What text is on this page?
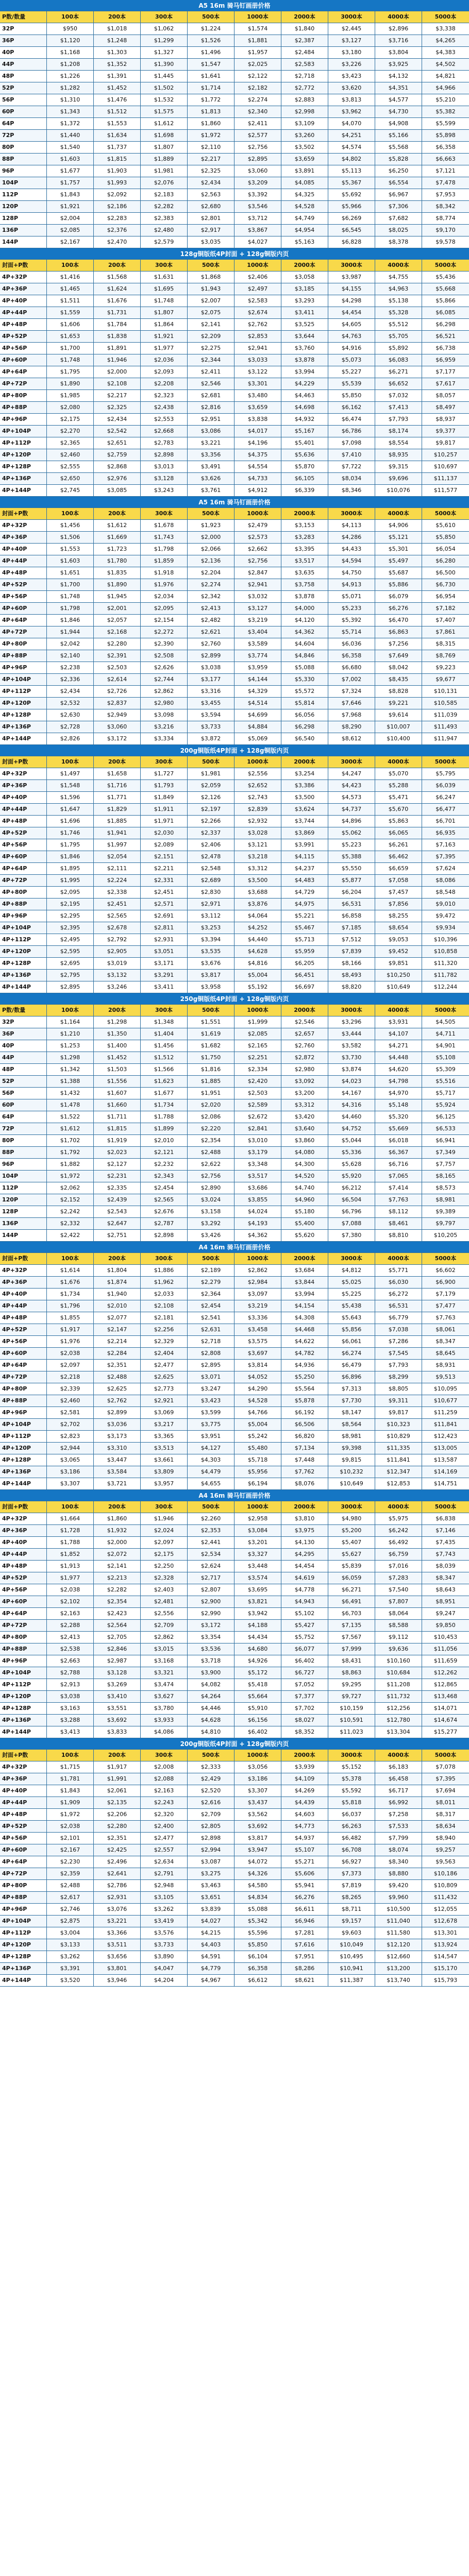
A5 16m 骑马钉画册价格
P数/数量	100本	200本	300本	500本	1000本	2000本	3000本	4000本	5000本
32P	$950	$1,018	$1,062	$1,224	$1,574	$1,840	$2,445	$2,896	$3,338
36P	$1,120	$1,248	$1,299	$1,526	$1,881	$2,387	$3,127	$3,716	$4,265
40P	$1,168	$1,303	$1,327	$1,496	$1,957	$2,484	$3,180	$3,804	$4,383
44P	$1,208	$1,352	$1,390	$1,547	$2,025	$2,583	$3,226	$3,925	$4,502
48P	$1,226	$1,391	$1,445	$1,641	$2,122	$2,718	$3,423	$4,132	$4,821
52P	$1,282	$1,452	$1,502	$1,714	$2,182	$2,772	$3,620	$4,351	$4,966
56P	$1,310	$1,476	$1,532	$1,772	$2,274	$2,883	$3,813	$4,577	$5,210
60P	$1,343	$1,512	$1,575	$1,813	$2,340	$2,998	$3,962	$4,730	$5,382
64P	$1,372	$1,553	$1,612	$1,860	$2,411	$3,109	$4,070	$4,908	$5,599
72P	$1,440	$1,634	$1,698	$1,972	$2,577	$3,260	$4,251	$5,166	$5,898
80P	$1,540	$1,737	$1,807	$2,110	$2,756	$3,502	$4,574	$5,568	$6,358
88P	$1,603	$1,815	$1,889	$2,217	$2,895	$3,659	$4,802	$5,828	$6,663
96P	$1,677	$1,903	$1,981	$2,325	$3,060	$3,891	$5,113	$6,250	$7,121
104P	$1,757	$1,993	$2,076	$2,434	$3,209	$4,085	$5,367	$6,554	$7,478
112P	$1,843	$2,092	$2,183	$2,563	$3,392	$4,325	$5,692	$6,967	$7,953
120P	$1,921	$2,186	$2,282	$2,680	$3,546	$4,528	$5,966	$7,306	$8,342
128P	$2,004	$2,283	$2,383	$2,801	$3,712	$4,749	$6,269	$7,682	$8,774
136P	$2,085	$2,376	$2,480	$2,917	$3,867	$4,954	$6,545	$8,025	$9,170
144P	$2,167	$2,470	$2,579	$3,035	$4,027	$5,163	$6,828	$8,378	$9,578
128g铜版纸4P封面 + 128g铜版内页
封面+P数	100本	200本	300本	500本	1000本	2000本	3000本	4000本	5000本
4P+32P	$1,416	$1,568	$1,631	$1,868	$2,406	$3,058	$3,987	$4,755	$5,436
4P+36P	$1,465	$1,624	$1,695	$1,943	$2,497	$3,185	$4,155	$4,963	$5,668
4P+40P	$1,511	$1,676	$1,748	$2,007	$2,583	$3,293	$4,298	$5,138	$5,866
4P+44P	$1,559	$1,731	$1,807	$2,075	$2,674	$3,411	$4,454	$5,328	$6,085
4P+48P	$1,606	$1,784	$1,864	$2,141	$2,762	$3,525	$4,605	$5,512	$6,298
4P+52P	$1,653	$1,838	$1,921	$2,209	$2,853	$3,644	$4,763	$5,705	$6,521
4P+56P	$1,700	$1,891	$1,977	$2,275	$2,941	$3,760	$4,916	$5,892	$6,738
4P+60P	$1,748	$1,946	$2,036	$2,344	$3,033	$3,878	$5,073	$6,083	$6,959
4P+64P	$1,795	$2,000	$2,093	$2,411	$3,122	$3,994	$5,227	$6,271	$7,177
4P+72P	$1,890	$2,108	$2,208	$2,546	$3,301	$4,229	$5,539	$6,652	$7,617
4P+80P	$1,985	$2,217	$2,323	$2,681	$3,480	$4,463	$5,850	$7,032	$8,057
4P+88P	$2,080	$2,325	$2,438	$2,816	$3,659	$4,698	$6,162	$7,413	$8,497
4P+96P	$2,175	$2,434	$2,553	$2,951	$3,838	$4,932	$6,474	$7,793	$8,937
4P+104P	$2,270	$2,542	$2,668	$3,086	$4,017	$5,167	$6,786	$8,174	$9,377
4P+112P	$2,365	$2,651	$2,783	$3,221	$4,196	$5,401	$7,098	$8,554	$9,817
4P+120P	$2,460	$2,759	$2,898	$3,356	$4,375	$5,636	$7,410	$8,935	$10,257
4P+128P	$2,555	$2,868	$3,013	$3,491	$4,554	$5,870	$7,722	$9,315	$10,697
4P+136P	$2,650	$2,976	$3,128	$3,626	$4,733	$6,105	$8,034	$9,696	$11,137
4P+144P	$2,745	$3,085	$3,243	$3,761	$4,912	$6,339	$8,346	$10,076	$11,577
A5 16m 骑马钉画册价格
封面+P数	100本	200本	300本	500本	1000本	2000本	3000本	4000本	5000本
4P+32P	$1,456	$1,612	$1,678	$1,923	$2,479	$3,153	$4,113	$4,906	$5,610
4P+36P	$1,506	$1,669	$1,743	$2,000	$2,573	$3,283	$4,286	$5,121	$5,850
4P+40P	$1,553	$1,723	$1,798	$2,066	$2,662	$3,395	$4,433	$5,301	$6,054
4P+44P	$1,603	$1,780	$1,859	$2,136	$2,756	$3,517	$4,594	$5,497	$6,280
4P+48P	$1,651	$1,835	$1,918	$2,204	$2,847	$3,635	$4,750	$5,687	$6,500
4P+52P	$1,700	$1,890	$1,976	$2,274	$2,941	$3,758	$4,913	$5,886	$6,730
4P+56P	$1,748	$1,945	$2,034	$2,342	$3,032	$3,878	$5,071	$6,079	$6,954
4P+60P	$1,798	$2,001	$2,095	$2,413	$3,127	$4,000	$5,233	$6,276	$7,182
4P+64P	$1,846	$2,057	$2,154	$2,482	$3,219	$4,120	$5,392	$6,470	$7,407
4P+72P	$1,944	$2,168	$2,272	$2,621	$3,404	$4,362	$5,714	$6,863	$7,861
4P+80P	$2,042	$2,280	$2,390	$2,760	$3,589	$4,604	$6,036	$7,256	$8,315
4P+88P	$2,140	$2,391	$2,508	$2,899	$3,774	$4,846	$6,358	$7,649	$8,769
4P+96P	$2,238	$2,503	$2,626	$3,038	$3,959	$5,088	$6,680	$8,042	$9,223
4P+104P	$2,336	$2,614	$2,744	$3,177	$4,144	$5,330	$7,002	$8,435	$9,677
4P+112P	$2,434	$2,726	$2,862	$3,316	$4,329	$5,572	$7,324	$8,828	$10,131
4P+120P	$2,532	$2,837	$2,980	$3,455	$4,514	$5,814	$7,646	$9,221	$10,585
4P+128P	$2,630	$2,949	$3,098	$3,594	$4,699	$6,056	$7,968	$9,614	$11,039
4P+136P	$2,728	$3,060	$3,216	$3,733	$4,884	$6,298	$8,290	$10,007	$11,493
4P+144P	$2,826	$3,172	$3,334	$3,872	$5,069	$6,540	$8,612	$10,400	$11,947
200g铜版纸4P封面 + 128g铜版内页
封面+P数	100本	200本	300本	500本	1000本	2000本	3000本	4000本	5000本
4P+32P	$1,497	$1,658	$1,727	$1,981	$2,556	$3,254	$4,247	$5,070	$5,795
4P+36P	$1,548	$1,716	$1,793	$2,059	$2,652	$3,386	$4,423	$5,288	$6,039
4P+40P	$1,596	$1,771	$1,849	$2,126	$2,743	$3,500	$4,573	$5,471	$6,247
4P+44P	$1,647	$1,829	$1,911	$2,197	$2,839	$3,624	$4,737	$5,670	$6,477
4P+48P	$1,696	$1,885	$1,971	$2,266	$2,932	$3,744	$4,896	$5,863	$6,701
4P+52P	$1,746	$1,941	$2,030	$2,337	$3,028	$3,869	$5,062	$6,065	$6,935
4P+56P	$1,795	$1,997	$2,089	$2,406	$3,121	$3,991	$5,223	$6,261	$7,163
4P+60P	$1,846	$2,054	$2,151	$2,478	$3,218	$4,115	$5,388	$6,462	$7,395
4P+64P	$1,895	$2,111	$2,211	$2,548	$3,312	$4,237	$5,550	$6,659	$7,624
4P+72P	$1,995	$2,224	$2,331	$2,689	$3,500	$4,483	$5,877	$7,058	$8,086
4P+80P	$2,095	$2,338	$2,451	$2,830	$3,688	$4,729	$6,204	$7,457	$8,548
4P+88P	$2,195	$2,451	$2,571	$2,971	$3,876	$4,975	$6,531	$7,856	$9,010
4P+96P	$2,295	$2,565	$2,691	$3,112	$4,064	$5,221	$6,858	$8,255	$9,472
4P+104P	$2,395	$2,678	$2,811	$3,253	$4,252	$5,467	$7,185	$8,654	$9,934
4P+112P	$2,495	$2,792	$2,931	$3,394	$4,440	$5,713	$7,512	$9,053	$10,396
4P+120P	$2,595	$2,905	$3,051	$3,535	$4,628	$5,959	$7,839	$9,452	$10,858
4P+128P	$2,695	$3,019	$3,171	$3,676	$4,816	$6,205	$8,166	$9,851	$11,320
4P+136P	$2,795	$3,132	$3,291	$3,817	$5,004	$6,451	$8,493	$10,250	$11,782
4P+144P	$2,895	$3,246	$3,411	$3,958	$5,192	$6,697	$8,820	$10,649	$12,244
250g铜版纸4P封面 + 128g铜版内页
P数/数量	100本	200本	300本	500本	1000本	2000本	3000本	4000本	5000本
32P	$1,164	$1,298	$1,348	$1,551	$1,999	$2,546	$3,296	$3,931	$4,505
36P	$1,210	$1,350	$1,404	$1,619	$2,085	$2,657	$3,444	$4,107	$4,711
40P	$1,253	$1,400	$1,456	$1,682	$2,165	$2,760	$3,582	$4,271	$4,901
44P	$1,298	$1,452	$1,512	$1,750	$2,251	$2,872	$3,730	$4,448	$5,108
48P	$1,342	$1,503	$1,566	$1,816	$2,334	$2,980	$3,874	$4,620	$5,309
52P	$1,388	$1,556	$1,623	$1,885	$2,420	$3,092	$4,023	$4,798	$5,516
56P	$1,432	$1,607	$1,677	$1,951	$2,503	$3,200	$4,167	$4,970	$5,717
60P	$1,478	$1,660	$1,734	$2,020	$2,589	$3,312	$4,316	$5,148	$5,924
64P	$1,522	$1,711	$1,788	$2,086	$2,672	$3,420	$4,460	$5,320	$6,125
72P	$1,612	$1,815	$1,899	$2,220	$2,841	$3,640	$4,752	$5,669	$6,533
80P	$1,702	$1,919	$2,010	$2,354	$3,010	$3,860	$5,044	$6,018	$6,941
88P	$1,792	$2,023	$2,121	$2,488	$3,179	$4,080	$5,336	$6,367	$7,349
96P	$1,882	$2,127	$2,232	$2,622	$3,348	$4,300	$5,628	$6,716	$7,757
104P	$1,972	$2,231	$2,343	$2,756	$3,517	$4,520	$5,920	$7,065	$8,165
112P	$2,062	$2,335	$2,454	$2,890	$3,686	$4,740	$6,212	$7,414	$8,573
120P	$2,152	$2,439	$2,565	$3,024	$3,855	$4,960	$6,504	$7,763	$8,981
128P	$2,242	$2,543	$2,676	$3,158	$4,024	$5,180	$6,796	$8,112	$9,389
136P	$2,332	$2,647	$2,787	$3,292	$4,193	$5,400	$7,088	$8,461	$9,797
144P	$2,422	$2,751	$2,898	$3,426	$4,362	$5,620	$7,380	$8,810	$10,205
A4 16m 骑马钉画册价格
封面+P数	100本	200本	300本	500本	1000本	2000本	3000本	4000本	5000本
4P+32P	$1,614	$1,804	$1,886	$2,189	$2,862	$3,684	$4,812	$5,771	$6,602
4P+36P	$1,676	$1,874	$1,962	$2,279	$2,984	$3,844	$5,025	$6,030	$6,900
4P+40P	$1,734	$1,940	$2,033	$2,364	$3,097	$3,994	$5,225	$6,272	$7,179
4P+44P	$1,796	$2,010	$2,108	$2,454	$3,219	$4,154	$5,438	$6,531	$7,477
4P+48P	$1,855	$2,077	$2,181	$2,541	$3,336	$4,308	$5,643	$6,779	$7,763
4P+52P	$1,917	$2,147	$2,256	$2,631	$3,458	$4,468	$5,856	$7,038	$8,061
4P+56P	$1,976	$2,214	$2,329	$2,718	$3,575	$4,622	$6,061	$7,286	$8,347
4P+60P	$2,038	$2,284	$2,404	$2,808	$3,697	$4,782	$6,274	$7,545	$8,645
4P+64P	$2,097	$2,351	$2,477	$2,895	$3,814	$4,936	$6,479	$7,793	$8,931
4P+72P	$2,218	$2,488	$2,625	$3,071	$4,052	$5,250	$6,896	$8,299	$9,513
4P+80P	$2,339	$2,625	$2,773	$3,247	$4,290	$5,564	$7,313	$8,805	$10,095
4P+88P	$2,460	$2,762	$2,921	$3,423	$4,528	$5,878	$7,730	$9,311	$10,677
4P+96P	$2,581	$2,899	$3,069	$3,599	$4,766	$6,192	$8,147	$9,817	$11,259
4P+104P	$2,702	$3,036	$3,217	$3,775	$5,004	$6,506	$8,564	$10,323	$11,841
4P+112P	$2,823	$3,173	$3,365	$3,951	$5,242	$6,820	$8,981	$10,829	$12,423
4P+120P	$2,944	$3,310	$3,513	$4,127	$5,480	$7,134	$9,398	$11,335	$13,005
4P+128P	$3,065	$3,447	$3,661	$4,303	$5,718	$7,448	$9,815	$11,841	$13,587
4P+136P	$3,186	$3,584	$3,809	$4,479	$5,956	$7,762	$10,232	$12,347	$14,169
4P+144P	$3,307	$3,721	$3,957	$4,655	$6,194	$8,076	$10,649	$12,853	$14,751
A4 16m 骑马钉画册价格
封面+P数	100本	200本	300本	500本	1000本	2000本	3000本	4000本	5000本
4P+32P	$1,664	$1,860	$1,946	$2,260	$2,958	$3,810	$4,980	$5,975	$6,838
4P+36P	$1,728	$1,932	$2,024	$2,353	$3,084	$3,975	$5,200	$6,242	$7,146
4P+40P	$1,788	$2,000	$2,097	$2,441	$3,201	$4,130	$5,407	$6,492	$7,435
4P+44P	$1,852	$2,072	$2,175	$2,534	$3,327	$4,295	$5,627	$6,759	$7,743
4P+48P	$1,913	$2,141	$2,250	$2,624	$3,448	$4,454	$5,839	$7,016	$8,039
4P+52P	$1,977	$2,213	$2,328	$2,717	$3,574	$4,619	$6,059	$7,283	$8,347
4P+56P	$2,038	$2,282	$2,403	$2,807	$3,695	$4,778	$6,271	$7,540	$8,643
4P+60P	$2,102	$2,354	$2,481	$2,900	$3,821	$4,943	$6,491	$7,807	$8,951
4P+64P	$2,163	$2,423	$2,556	$2,990	$3,942	$5,102	$6,703	$8,064	$9,247
4P+72P	$2,288	$2,564	$2,709	$3,172	$4,188	$5,427	$7,135	$8,588	$9,850
4P+80P	$2,413	$2,705	$2,862	$3,354	$4,434	$5,752	$7,567	$9,112	$10,453
4P+88P	$2,538	$2,846	$3,015	$3,536	$4,680	$6,077	$7,999	$9,636	$11,056
4P+96P	$2,663	$2,987	$3,168	$3,718	$4,926	$6,402	$8,431	$10,160	$11,659
4P+104P	$2,788	$3,128	$3,321	$3,900	$5,172	$6,727	$8,863	$10,684	$12,262
4P+112P	$2,913	$3,269	$3,474	$4,082	$5,418	$7,052	$9,295	$11,208	$12,865
4P+120P	$3,038	$3,410	$3,627	$4,264	$5,664	$7,377	$9,727	$11,732	$13,468
4P+128P	$3,163	$3,551	$3,780	$4,446	$5,910	$7,702	$10,159	$12,256	$14,071
4P+136P	$3,288	$3,692	$3,933	$4,628	$6,156	$8,027	$10,591	$12,780	$14,674
4P+144P	$3,413	$3,833	$4,086	$4,810	$6,402	$8,352	$11,023	$13,304	$15,277
200g铜版纸4P封面 + 128g铜版内页
封面+P数	100本	200本	300本	500本	1000本	2000本	3000本	4000本	5000本
4P+32P	$1,715	$1,917	$2,008	$2,333	$3,056	$3,939	$5,152	$6,183	$7,078
4P+36P	$1,781	$1,991	$2,088	$2,429	$3,186	$4,109	$5,378	$6,458	$7,395
4P+40P	$1,843	$2,061	$2,163	$2,520	$3,307	$4,269	$5,592	$6,717	$7,694
4P+44P	$1,909	$2,135	$2,243	$2,616	$3,437	$4,439	$5,818	$6,992	$8,011
4P+48P	$1,972	$2,206	$2,320	$2,709	$3,562	$4,603	$6,037	$7,258	$8,317
4P+52P	$2,038	$2,280	$2,400	$2,805	$3,692	$4,773	$6,263	$7,533	$8,634
4P+56P	$2,101	$2,351	$2,477	$2,898	$3,817	$4,937	$6,482	$7,799	$8,940
4P+60P	$2,167	$2,425	$2,557	$2,994	$3,947	$5,107	$6,708	$8,074	$9,257
4P+64P	$2,230	$2,496	$2,634	$3,087	$4,072	$5,271	$6,927	$8,340	$9,563
4P+72P	$2,359	$2,641	$2,791	$3,275	$4,326	$5,606	$7,373	$8,880	$10,186
4P+80P	$2,488	$2,786	$2,948	$3,463	$4,580	$5,941	$7,819	$9,420	$10,809
4P+88P	$2,617	$2,931	$3,105	$3,651	$4,834	$6,276	$8,265	$9,960	$11,432
4P+96P	$2,746	$3,076	$3,262	$3,839	$5,088	$6,611	$8,711	$10,500	$12,055
4P+104P	$2,875	$3,221	$3,419	$4,027	$5,342	$6,946	$9,157	$11,040	$12,678
4P+112P	$3,004	$3,366	$3,576	$4,215	$5,596	$7,281	$9,603	$11,580	$13,301
4P+120P	$3,133	$3,511	$3,733	$4,403	$5,850	$7,616	$10,049	$12,120	$13,924
4P+128P	$3,262	$3,656	$3,890	$4,591	$6,104	$7,951	$10,495	$12,660	$14,547
4P+136P	$3,391	$3,801	$4,047	$4,779	$6,358	$8,286	$10,941	$13,200	$15,170
4P+144P	$3,520	$3,946	$4,204	$4,967	$6,612	$8,621	$11,387	$13,740	$15,793
